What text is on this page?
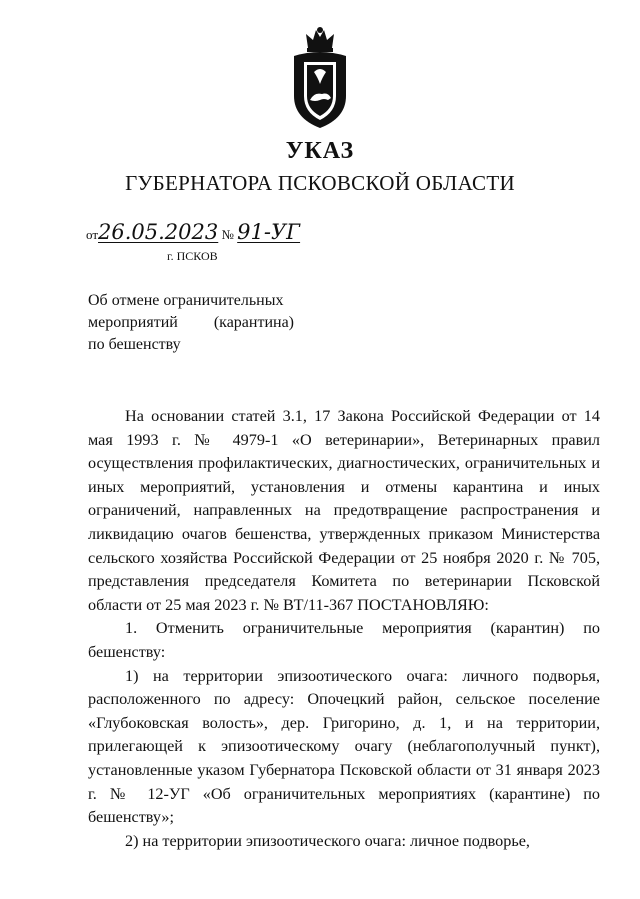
УКАЗ
ГУБЕРНАТОРА ПСКОВСКОЙ ОБЛАСТИ
от26.05.2023 № 91-УГ
г. ПСКОВ
Об отмене ограничительных
мероприятий (карантина)
по бешенству

На основании статей 3.1, 17 Закона Российской Федерации от 14 мая 1993 г. № 4979-1 «О ветеринарии», Ветеринарных правил осуществления профилактических, диагностических, ограничительных и иных мероприятий, установления и отмены карантина и иных ограничений, направленных на предотвращение распространения и ликвидацию очагов бешенства, утвержденных приказом Министерства сельского хозяйства Российской Федерации от 25 ноября 2020 г. № 705, представления председателя Комитета по ветеринарии Псковской области от 25 мая 2023 г. № ВТ/11-367 ПОСТАНОВЛЯЮ:

1. Отменить ограничительные мероприятия (карантин) по бешенству:

1) на территории эпизоотического очага: личного подворья, расположенного по адресу: Опочецкий район, сельское поселение «Глубоковская волость», дер. Григорино, д. 1, и на территории, прилегающей к эпизоотическому очагу (неблагополучный пункт), установленные указом Губернатора Псковской области от 31 января 2023 г. № 12-УГ «Об ограничительных мероприятиях (карантине) по бешенству»;

2) на территории эпизоотического очага: личное подворье,
